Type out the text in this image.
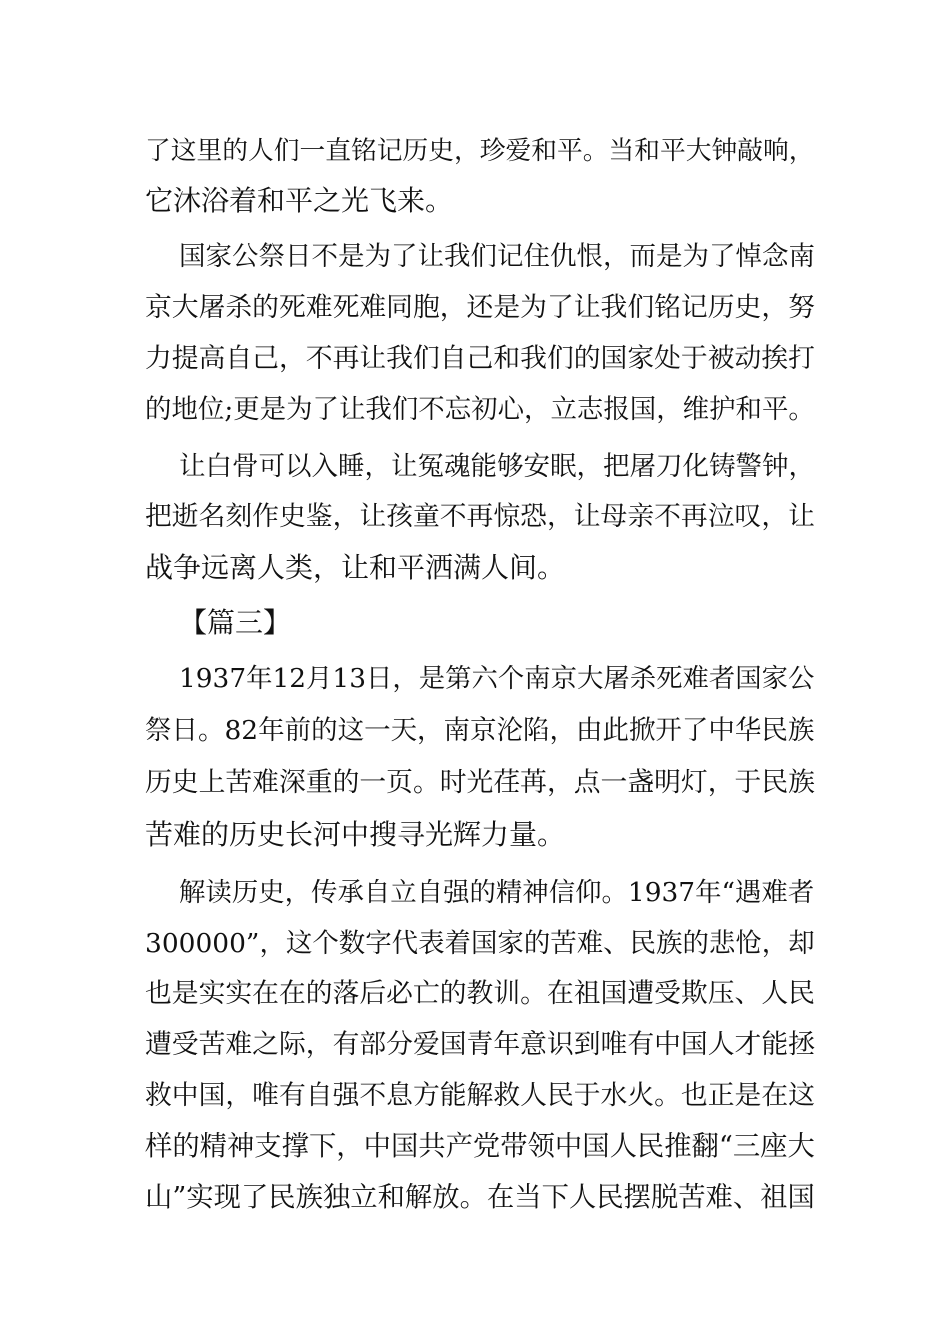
了这里的人们一直铭记历史，珍爱和平。当和平大钟敲响，
它沐浴着和平之光飞来。
国家公祭日不是为了让我们记住仇恨，而是为了悼念南
京大屠杀的死难死难同胞，还是为了让我们铭记历史，努
力提高自己，不再让我们自己和我们的国家处于被动挨打
的地位;更是为了让我们不忘初心，立志报国，维护和平。
让白骨可以入睡，让冤魂能够安眠，把屠刀化铸警钟，
把逝名刻作史鉴，让孩童不再惊恐，让母亲不再泣叹，让
战争远离人类，让和平洒满人间。
【篇三】
1937年12月13日，是第六个南京大屠杀死难者国家公
祭日。82年前的这一天，南京沦陷，由此掀开了中华民族
历史上苦难深重的一页。时光荏苒，点一盏明灯，于民族
苦难的历史长河中搜寻光辉力量。
解读历史，传承自立自强的精神信仰。1937年“遇难者
300000”，这个数字代表着国家的苦难、民族的悲怆，却
也是实实在在的落后必亡的教训。在祖国遭受欺压、人民
遭受苦难之际，有部分爱国青年意识到唯有中国人才能拯
救中国，唯有自强不息方能解救人民于水火。也正是在这
样的精神支撑下，中国共产党带领中国人民推翻“三座大
山”实现了民族独立和解放。在当下人民摆脱苦难、祖国
